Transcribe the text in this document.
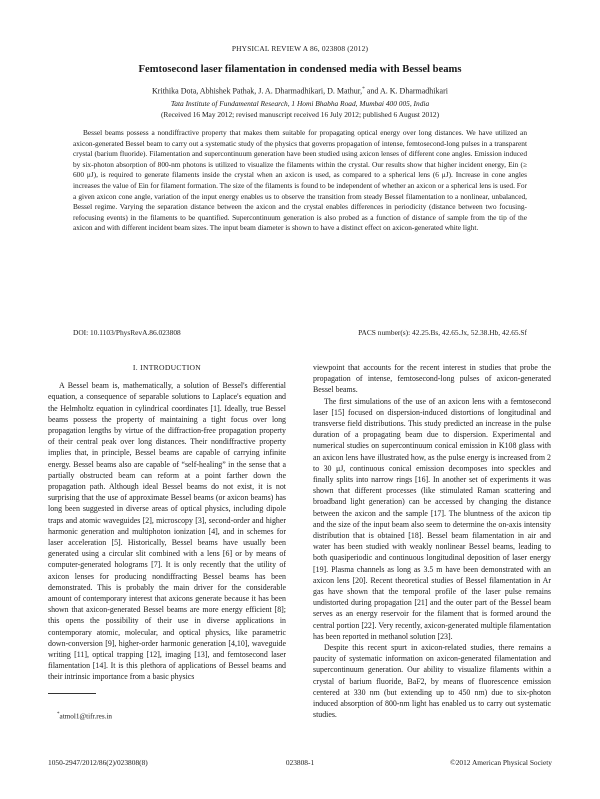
PHYSICAL REVIEW A 86, 023808 (2012)
Femtosecond laser filamentation in condensed media with Bessel beams
Krithika Dota, Abhishek Pathak, J. A. Dharmadhikari, D. Mathur,* and A. K. Dharmadhikari
Tata Institute of Fundamental Research, 1 Homi Bhabha Road, Mumbai 400 005, India
(Received 16 May 2012; revised manuscript received 16 July 2012; published 6 August 2012)

Bessel beams possess a nondiffractive property that makes them suitable for propagating optical energy over long distances. We have utilized an axicon-generated Bessel beam to carry out a systematic study of the physics that governs propagation of intense, femtosecond-long pulses in a transparent crystal (barium fluoride). Filamentation and supercontinuum generation have been studied using axicon lenses of different cone angles. Emission induced by six-photon absorption of 800-nm photons is utilized to visualize the filaments within the crystal. Our results show that higher incident energy, Ein (≥ 600 μJ), is required to generate filaments inside the crystal when an axicon is used, as compared to a spherical lens (6 μJ). Increase in cone angles increases the value of Ein for filament formation. The size of the filaments is found to be independent of whether an axicon or a spherical lens is used. For a given axicon cone angle, variation of the input energy enables us to observe the transition from steady Bessel filamentation to a nonlinear, unbalanced, Bessel regime. Varying the separation distance between the axicon and the crystal enables differences in periodicity (distance between two focusing-refocusing events) in the filaments to be quantified. Supercontinuum generation is also probed as a function of distance of sample from the tip of the axicon and with different incident beam sizes. The input beam diameter is shown to have a distinct effect on axicon-generated white light.

DOI: 10.1103/PhysRevA.86.023808	PACS number(s): 42.25.Bs, 42.65.Jx, 52.38.Hb, 42.65.Sf

I. INTRODUCTION

A Bessel beam is, mathematically, a solution of Bessel's differential equation, a consequence of separable solutions to Laplace's equation and the Helmholtz equation in cylindrical coordinates [1]. Ideally, true Bessel beams possess the property of maintaining a tight focus over long propagation lengths by virtue of the diffraction-free propagation property of their central peak over long distances. Their nondiffractive property implies that, in principle, Bessel beams are capable of carrying infinite energy. Bessel beams also are capable of “self-healing” in the sense that a partially obstructed beam can reform at a point farther down the propagation path. Although ideal Bessel beams do not exist, it is not surprising that the use of approximate Bessel beams (or axicon beams) has long been suggested in diverse areas of optical physics, including dipole traps and atomic waveguides [2], microscopy [3], second-order and higher harmonic generation and multiphoton ionization [4], and in schemes for laser acceleration [5]. Historically, Bessel beams have usually been generated using a circular slit combined with a lens [6] or by means of computer-generated holograms [7]. It is only recently that the utility of axicon lenses for producing nondiffracting Bessel beams has been demonstrated. This is probably the main driver for the considerable amount of contemporary interest that axicons generate because it has been shown that axicon-generated Bessel beams are more energy efficient [8]; this opens the possibility of their use in diverse applications in contemporary atomic, molecular, and optical physics, like parametric down-conversion [9], higher-order harmonic generation [4,10], waveguide writing [11], optical trapping [12], imaging [13], and femtosecond laser filamentation [14]. It is this plethora of applications of Bessel beams and their intrinsic importance from a basic physics

viewpoint that accounts for the recent interest in studies that probe the propagation of intense, femtosecond-long pulses of axicon-generated Bessel beams.

The first simulations of the use of an axicon lens with a femtosecond laser [15] focused on dispersion-induced distortions of longitudinal and transverse field distributions. This study predicted an increase in the pulse duration of a propagating beam due to dispersion. Experimental and numerical studies on supercontinuum conical emission in K108 glass with an axicon lens have illustrated how, as the pulse energy is increased from 2 to 30 μJ, continuous conical emission decomposes into speckles and finally splits into narrow rings [16]. In another set of experiments it was shown that different processes (like stimulated Raman scattering and broadband light generation) can be accessed by changing the distance between the axicon and the sample [17]. The bluntness of the axicon tip and the size of the input beam also seem to determine the on-axis intensity distribution that is obtained [18]. Bessel beam filamentation in air and water has been studied with weakly nonlinear Bessel beams, leading to both quasiperiodic and continuous longitudinal deposition of laser energy [19]. Plasma channels as long as 3.5 m have been demonstrated with an axicon lens [20]. Recent theoretical studies of Bessel filamentation in Ar gas have shown that the temporal profile of the laser pulse remains undistorted during propagation [21] and the outer part of the Bessel beam serves as an energy reservoir for the filament that is formed around the central portion [22]. Very recently, axicon-generated multiple filamentation has been reported in methanol solution [23].

Despite this recent spurt in axicon-related studies, there remains a paucity of systematic information on axicon-generated filamentation and supercontinuum generation. Our ability to visualize filaments within a crystal of barium fluoride, BaF2, by means of fluorescence emission centered at 330 nm (but extending up to 450 nm) due to six-photon induced absorption of 800-nm light has enabled us to carry out systematic studies.

*atmol1@tifr.res.in
1050-2947/2012/86(2)/023808(8)	023808-1	©2012 American Physical Society
